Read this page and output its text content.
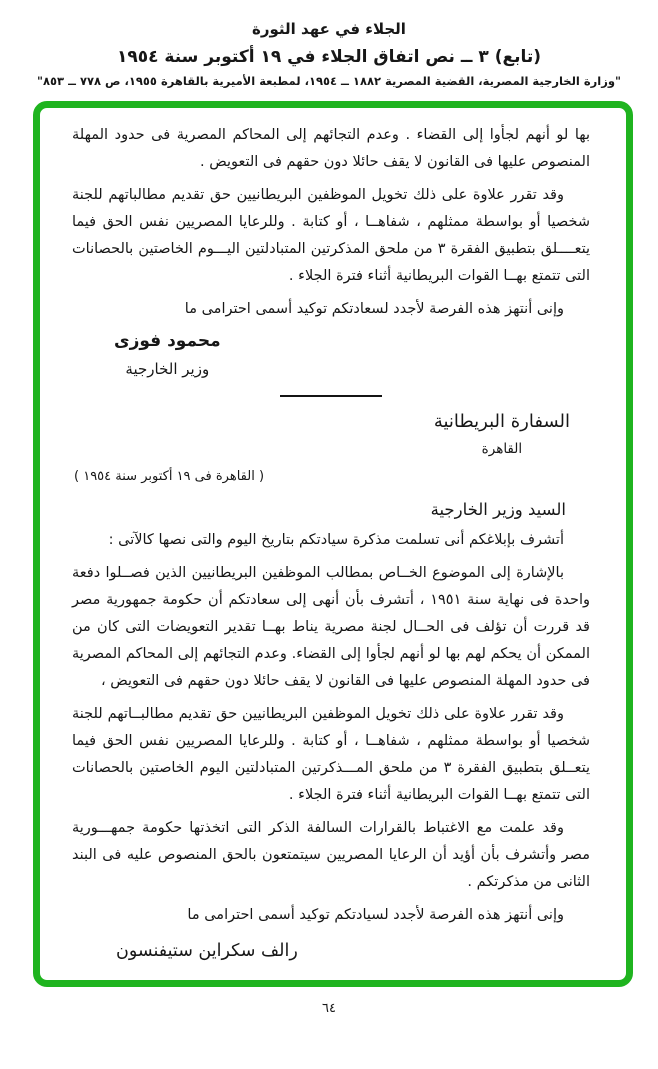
الجلاء في عهد الثورة
(تابع) ٣ ــ نص اتفاق الجلاء في ١٩ أكتوبر سنة ١٩٥٤
"وزارة الخارجية المصرية، القضية المصرية ١٨٨٢ ــ ١٩٥٤، لمطبعة الأميرية بالقاهرة ١٩٥٥، ص ٧٧٨ ــ ٨٥٣"
بها لو أنهم لجأوا إلى القضاء . وعدم التجائهم إلى المحاكم المصرية فى حدود المهلة المنصوص عليها فى القانون لا يقف حائلا دون حقهم فى التعويض .
وقد تقرر علاوة على ذلك تخويل الموظفين البريطانيين حق تقديم مطالباتهم للجنة شخصيا أو بواسطة ممثلهم ، شفاهــا ، أو كتابة . وللرعايا المصريين نفس الحق فيما يتعــــلق بتطبيق الفقرة ٣ من ملحق المذكرتين المتبادلتين اليـــوم الخاصتين بالحصانات التى تتمتع بهــا القوات البريطانية أثناء فترة الجلاء .
وإنى أنتهز هذه الفرصة لأجدد لسعادتكم توكيد أسمى احترامى ما
محمود فوزى
وزير الخارجية
السفارة البريطانية
القاهرة
( القاهرة فى ١٩ أكتوبر سنة ١٩٥٤ )
السيد وزير الخارجية
أتشرف بإبلاغكم أنى تسلمت مذكرة سيادتكم بتاريخ اليوم والتى نصها كالآتى :
بالإشارة إلى الموضوع الخــاص بمطالب الموظفين البريطانيين الذين فصــلوا دفعة واحدة فى نهاية سنة ١٩٥١ ، أتشرف بأن أنهى إلى سعادتكم أن حكومة جمهورية مصر قد قررت أن تؤلف فى الحــال لجنة مصرية يناط بهــا تقدير التعويضات التى كان من الممكن أن يحكم لهم بها لو أنهم لجأوا إلى القضاء. وعدم التجائهم إلى المحاكم المصرية فى حدود المهلة المنصوص عليها فى القانون لا يقف حائلا دون حقهم فى التعويض ،
وقد تقرر علاوة على ذلك تخويل الموظفين البريطانيين حق تقديم مطالبــاتهم للجنة شخصيا أو بواسطة ممثلهم ، شفاهــا ، أو كتابة . وللرعايا المصريين نفس الحق فيما يتعــلق بتطبيق الفقرة ٣ من ملحق المـــذكرتين المتبادلتين اليوم الخاصتين بالحصانات التى تتمتع بهــا القوات البريطانية أثناء فترة الجلاء .
وقد علمت مع الاغتباط بالقرارات السالفة الذكر التى اتخذتها حكومة جمهـــورية مصر وأتشرف بأن أؤيد أن الرعايا المصريين سيتمتعون بالحق المنصوص عليه فى البند الثانى من مذكرتكم .
وإنى أنتهز هذه الفرصة لأجدد لسيادتكم توكيد أسمى احترامى ما
رالف سكراين ستيفنسون
٦٤
